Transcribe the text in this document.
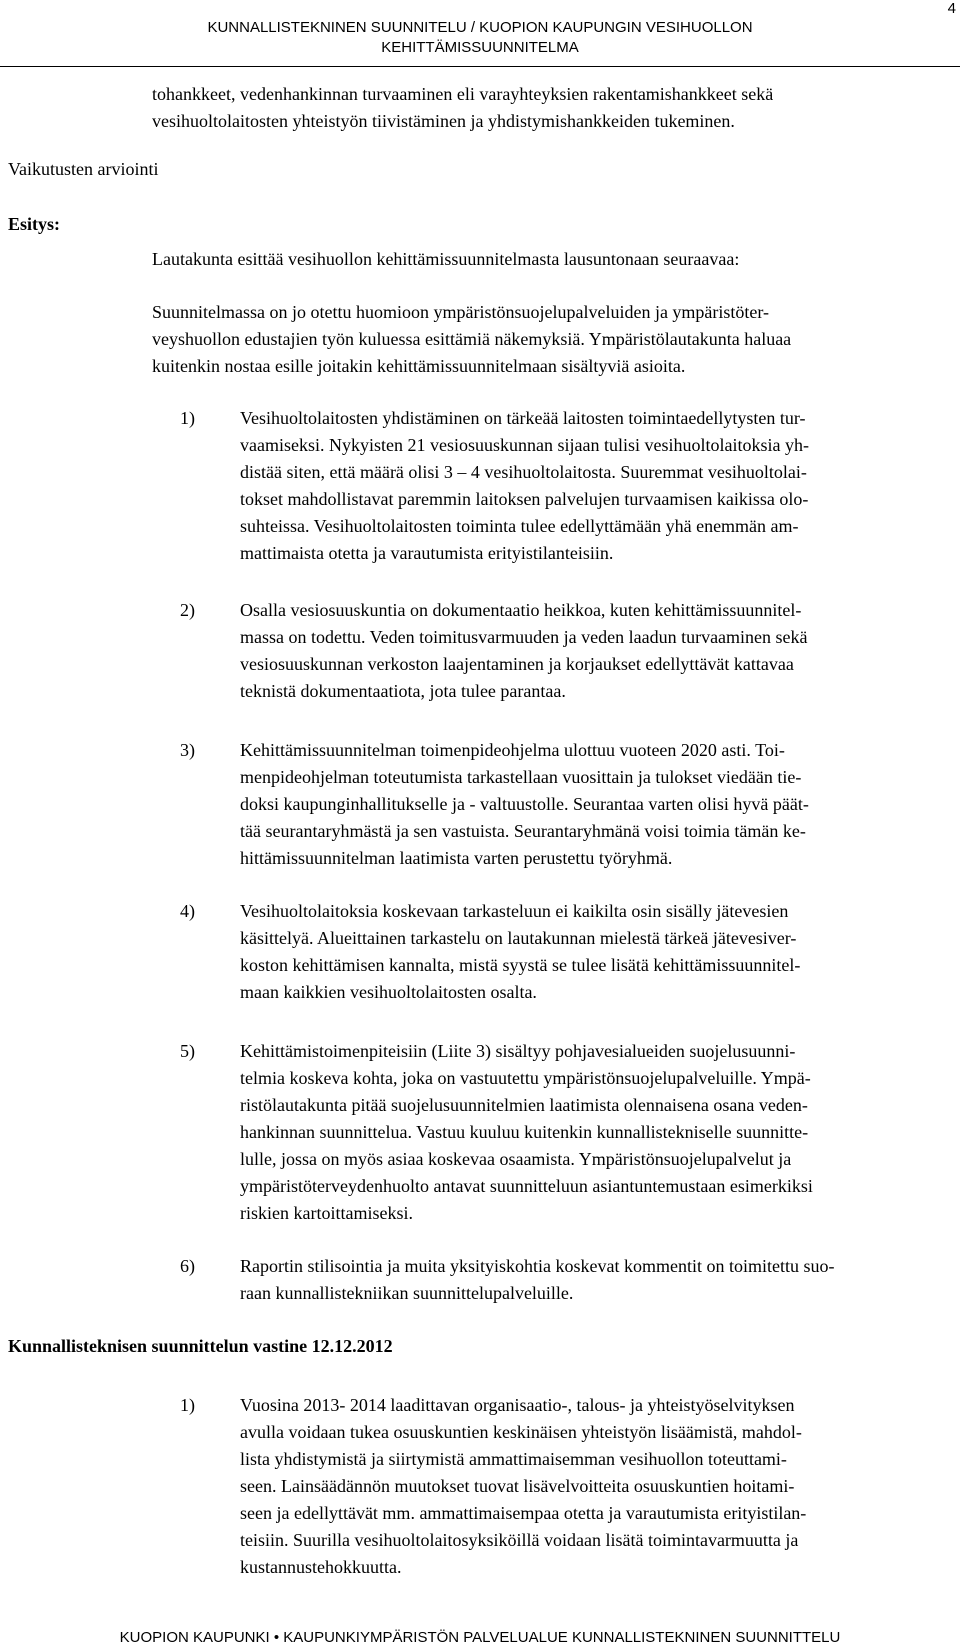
4
KUNNALLISTEKNINEN SUUNNITELU / KUOPION KAUPUNGIN VESIHUOLLON
KEHITTÄMISSUUNNITELMA
tohankkeet, vedenhankinnan turvaaminen eli varayhteyksien rakentamishankkeet sekä
vesihuoltolaitosten yhteistyön tiivistäminen ja yhdistymishankkeiden tukeminen.
Vaikutusten arviointi
Esitys:
Lautakunta esittää vesihuollon kehittämissuunnitelmasta lausuntonaan seuraavaa:
Suunnitelmassa on jo otettu huomioon ympäristönsuojelupalveluiden ja ympäristöter-
veyshuollon edustajien työn kuluessa esittämiä näkemyksiä. Ympäristölautakunta haluaa
kuitenkin nostaa esille joitakin kehittämissuunnitelmaan sisältyviä asioita.
1)	Vesihuoltolaitosten yhdistäminen on tärkeää laitosten toimintaedellytysten tur-
vaamiseksi. Nykyisten 21 vesiosuuskunnan sijaan tulisi vesihuoltolaitoksia yh-
distää siten, että määrä olisi 3 – 4 vesihuoltolaitosta. Suuremmat vesihuoltolai-
tokset mahdollistavat paremmin laitoksen palvelujen turvaamisen kaikissa olo-
suhteissa. Vesihuoltolaitosten toiminta tulee edellyttämään yhä enemmän am-
mattimaista otetta ja varautumista erityistilanteisiin.
2)	Osalla vesiosuuskuntia on dokumentaatio heikkoa, kuten kehittämissuunnitel-
massa on todettu. Veden toimitusvarmuuden ja veden laadun turvaaminen sekä
vesiosuuskunnan verkoston laajentaminen ja korjaukset edellyttävät kattavaa
teknistä dokumentaatiota, jota tulee parantaa.
3)	Kehittämissuunnitelman toimenpideohjelma ulottuu vuoteen 2020 asti. Toi-
menpideohjelman toteutumista tarkastellaan vuosittain ja tulokset viedään tie-
doksi kaupunginhallitukselle ja - valtuustolle. Seurantaa varten olisi hyvä päät-
tää seurantaryhmästä ja sen vastuista. Seurantaryhmänä voisi toimia tämän ke-
hittämissuunnitelman laatimista varten perustettu työryhmä.
4)	Vesihuoltolaitoksia koskevaan tarkasteluun ei kaikilta osin sisälly jätevesien
käsittelyä. Alueittainen tarkastelu on lautakunnan mielestä tärkeä jätevesiver-
koston kehittämisen kannalta, mistä syystä se tulee lisätä kehittämissuunnitel-
maan kaikkien vesihuoltolaitosten osalta.
5)	Kehittämistoimenpiteisiin (Liite 3) sisältyy pohjavesialueiden suojelusuunni-
telmia koskeva kohta, joka on vastuutettu ympäristönsuojelupalveluille. Ympä-
ristölautakunta pitää suojelusuunnitelmien laatimista olennaisena osana veden-
hankinnan suunnittelua. Vastuu kuuluu kuitenkin kunnallistekniselle suunnitte-
lulle, jossa on myös asiaa koskevaa osaamista. Ympäristönsuojelupalvelut ja
ympäristöterveydenhuolto antavat suunnitteluun asiantuntemustaan esimerkiksi
riskien kartoittamiseksi.
6)	Raportin stilisointia ja muita yksityiskohtia koskevat kommentit on toimitettu suo-
raan kunnallistekniikan suunnittelupalveluille.
Kunnallisteknisen suunnittelun vastine 12.12.2012
1)	Vuosina 2013- 2014 laadittavan organisaatio-, talous- ja yhteistyöselvityksen
avulla voidaan tukea osuuskuntien keskinäisen yhteistyön lisäämistä, mahdol-
lista yhdistymistä ja siirtymistä ammattimaisemman vesihuollon toteuttami-
seen. Lainsäädännön muutokset tuovat lisävelvoitteita osuuskuntien hoitami-
seen ja edellyttävät mm. ammattimaisempaa otetta ja varautumista erityistilan-
teisiin. Suurilla vesihuoltolaitosyksiköillä voidaan lisätä toimintavarmuutta ja
kustannustehokkuutta.
KUOPION KAUPUNKI • KAUPUNKIYMPÄRISTÖN PALVELUALUE KUNNALLISTEKNINEN SUUNNITTELU
